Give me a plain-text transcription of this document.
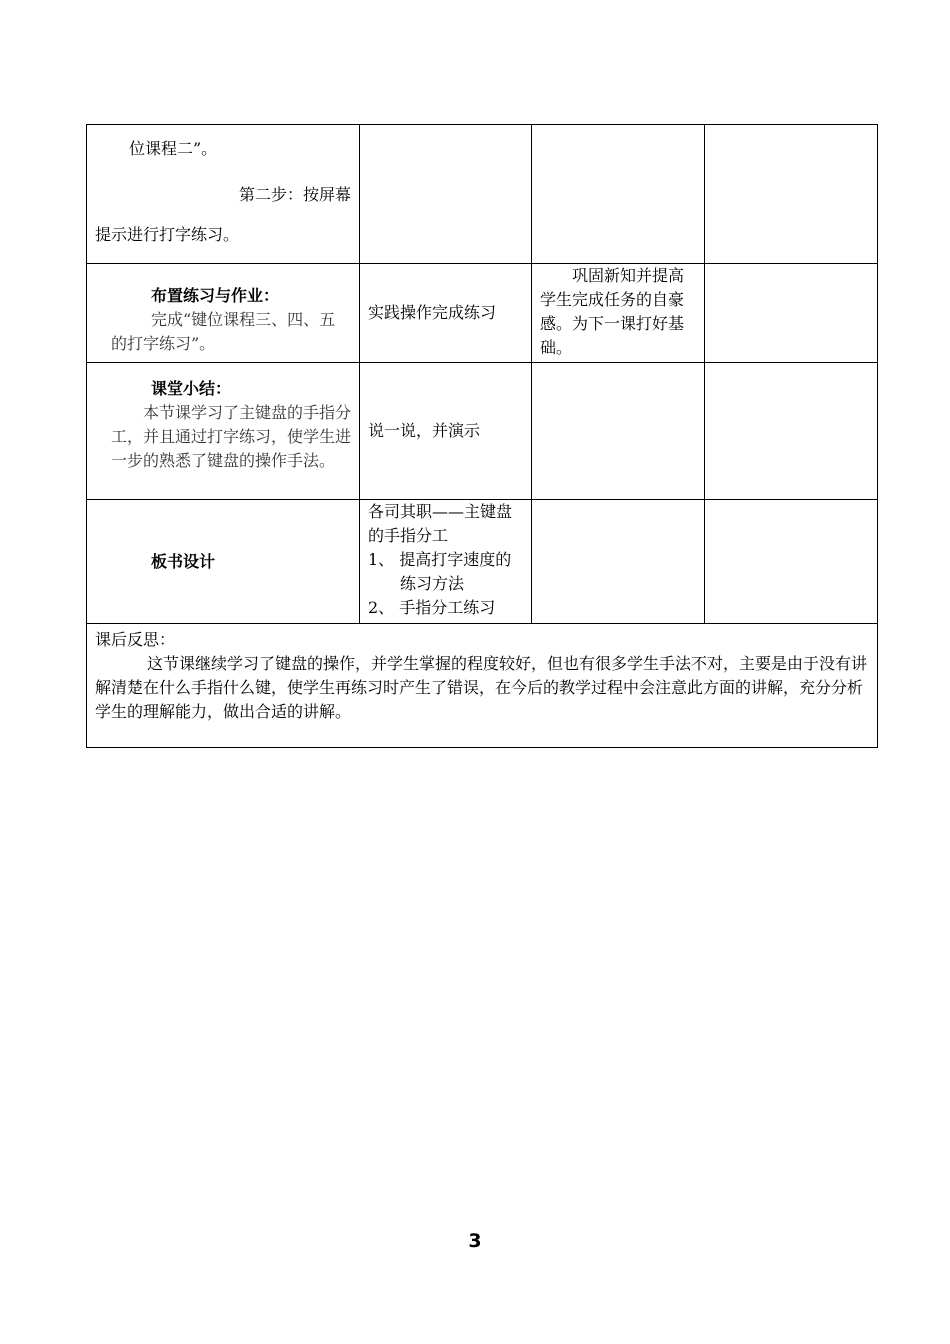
位课程二”。

第二步：按屏幕

提示进行打字练习。			

布置练习与作业：

完成“键位课程三、四、五的打字练习”。	实践操作完成练习	巩固新知并提高学生完成任务的自豪感。为下一课打好基础。	

课堂小结：

本节课学习了主键盘的手指分工，并且通过打字练习，使学生进一步的熟悉了键盘的操作手法。	说一说，并演示		

板书设计	各司其职——主键盘的手指分工

1、 提高打字速度的练习方法

2、 手指分工练习		

课后反思：

这节课继续学习了键盘的操作，并学生掌握的程度较好，但也有很多学生手法不对，主要是由于没有讲解清楚在什么手指什么键，使学生再练习时产生了错误，在今后的教学过程中会注意此方面的讲解，充分分析学生的理解能力，做出合适的讲解。			

3
